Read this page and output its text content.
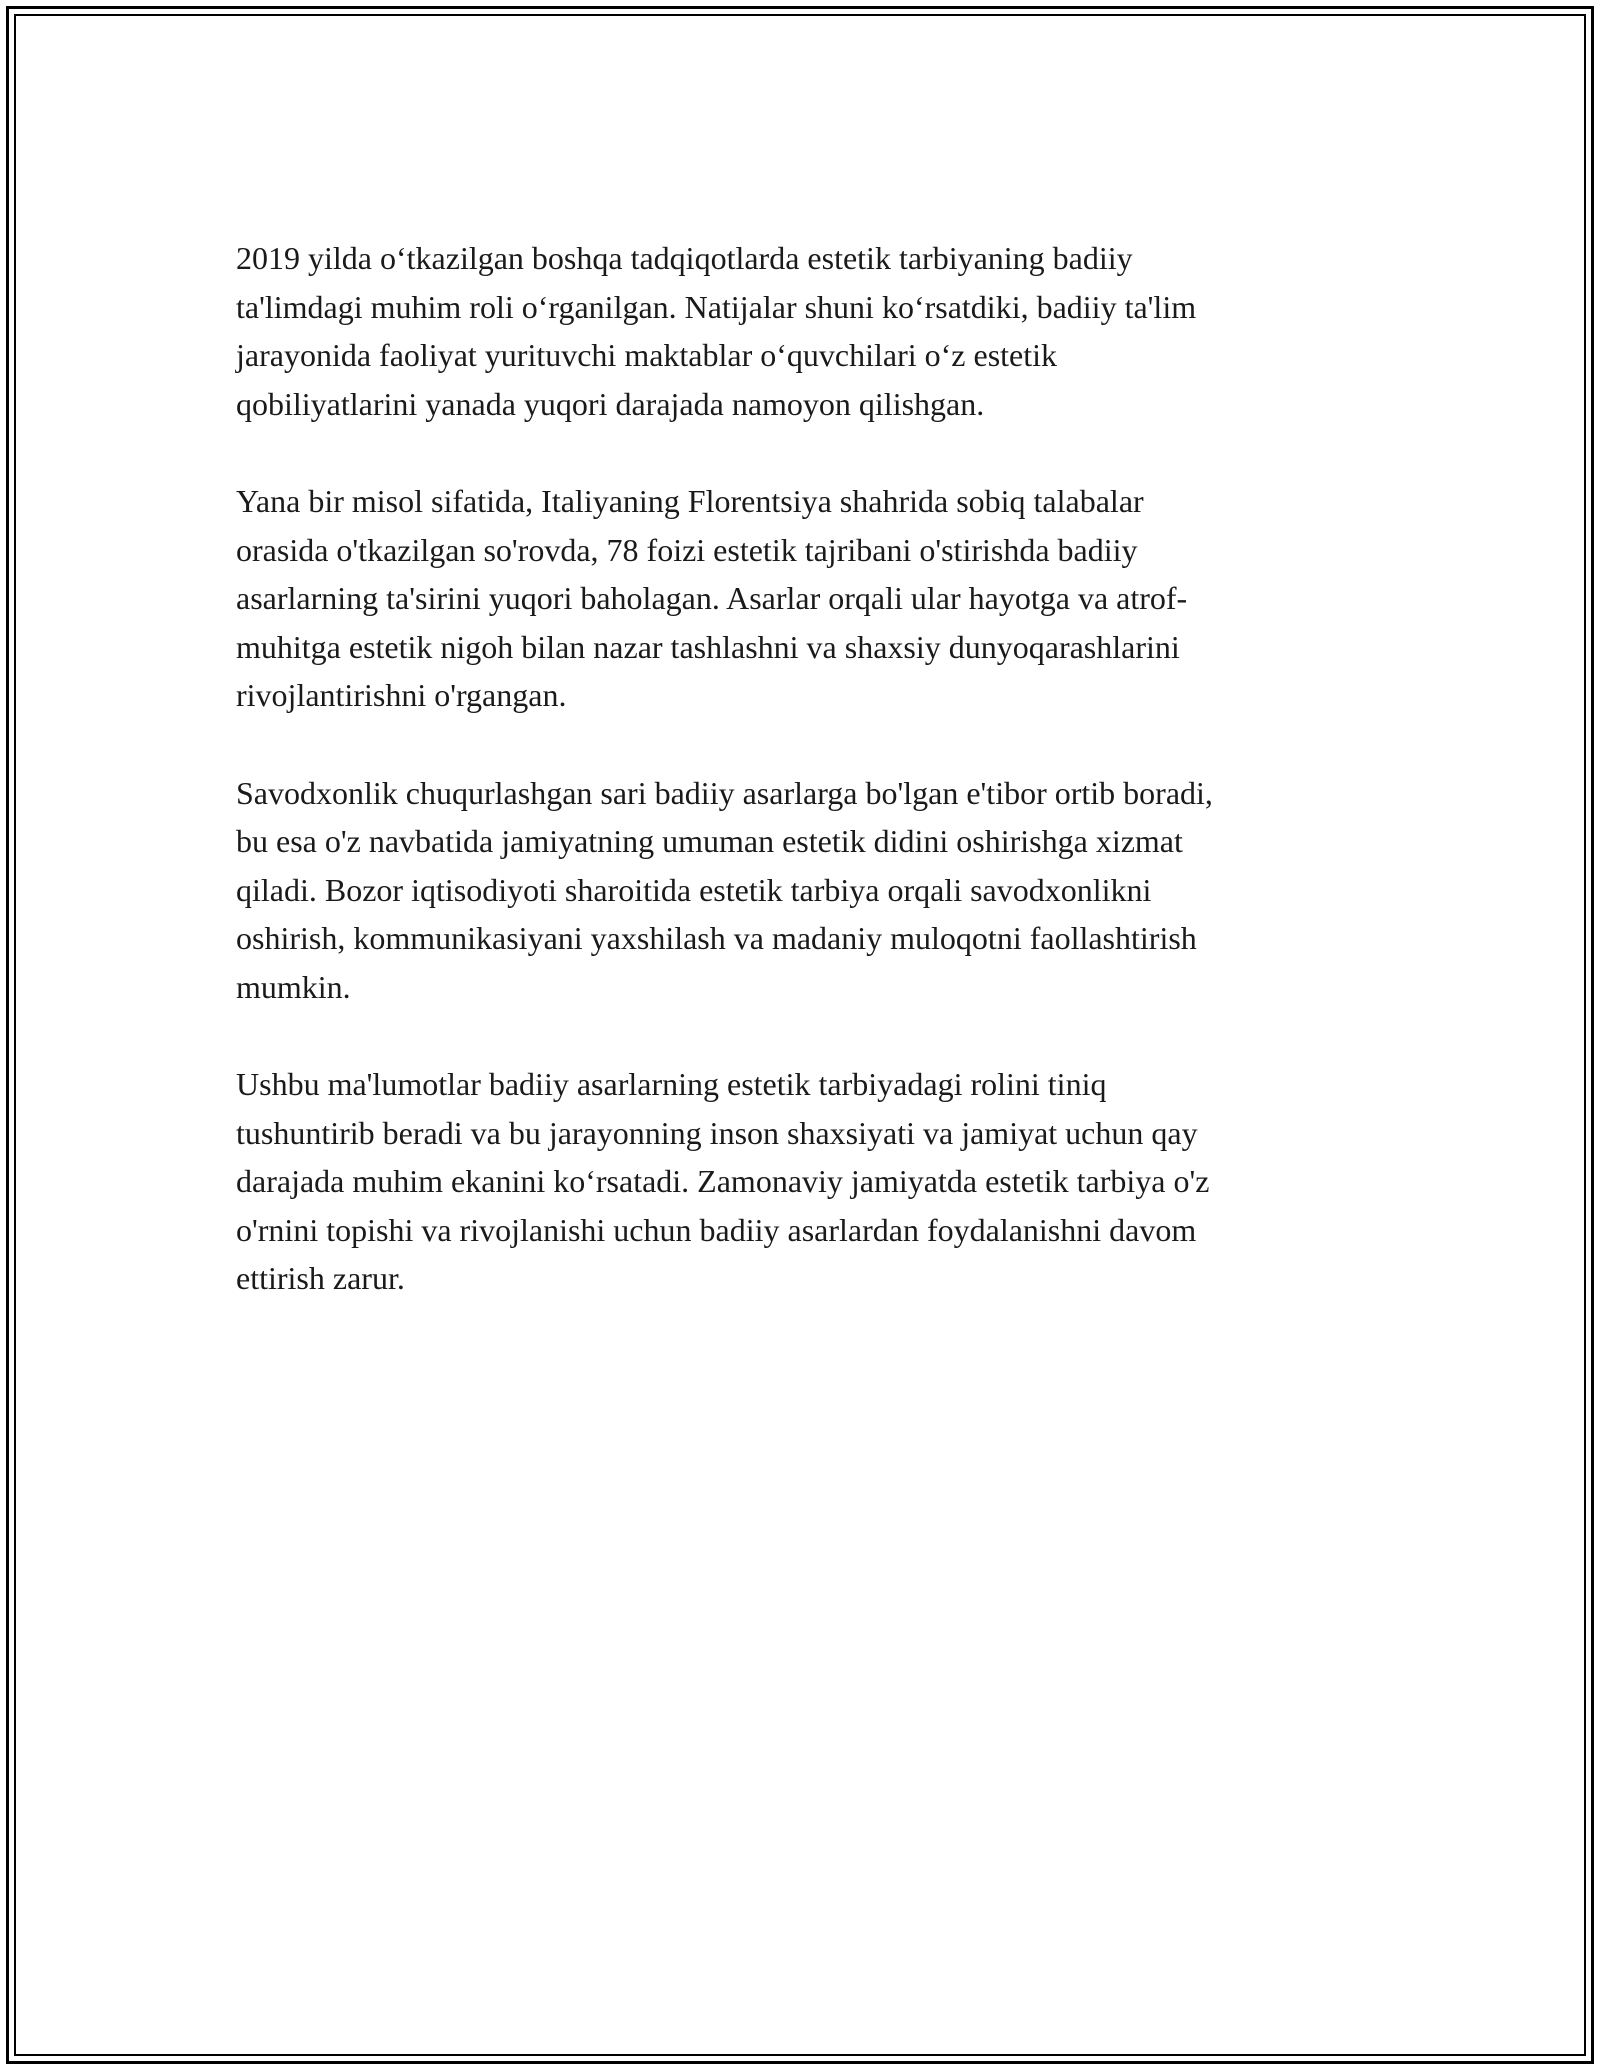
2019 yilda o‘tkazilgan boshqa tadqiqotlarda estetik tarbiyaning badiiy
ta'limdagi muhim roli o‘rganilgan. Natijalar shuni ko‘rsatdiki, badiiy ta'lim
jarayonida faoliyat yurituvchi maktablar o‘quvchilari o‘z estetik
qobiliyatlarini yanada yuqori darajada namoyon qilishgan.

Yana bir misol sifatida, Italiyaning Florentsiya shahrida sobiq talabalar
orasida o'tkazilgan so'rovda, 78 foizi estetik tajribani o'stirishda badiiy
asarlarning ta'sirini yuqori baholagan. Asarlar orqali ular hayotga va atrof-
muhitga estetik nigoh bilan nazar tashlashni va shaxsiy dunyoqarashlarini
rivojlantirishni o'rgangan.

Savodxonlik chuqurlashgan sari badiiy asarlarga bo'lgan e'tibor ortib boradi,
bu esa o'z navbatida jamiyatning umuman estetik didini oshirishga xizmat
qiladi. Bozor iqtisodiyoti sharoitida estetik tarbiya orqali savodxonlikni
oshirish, kommunikasiyani yaxshilash va madaniy muloqotni faollashtirish
mumkin.

Ushbu ma'lumotlar badiiy asarlarning estetik tarbiyadagi rolini tiniq
tushuntirib beradi va bu jarayonning inson shaxsiyati va jamiyat uchun qay
darajada muhim ekanini ko‘rsatadi. Zamonaviy jamiyatda estetik tarbiya o'z
o'rnini topishi va rivojlanishi uchun badiiy asarlardan foydalanishni davom
ettirish zarur.
